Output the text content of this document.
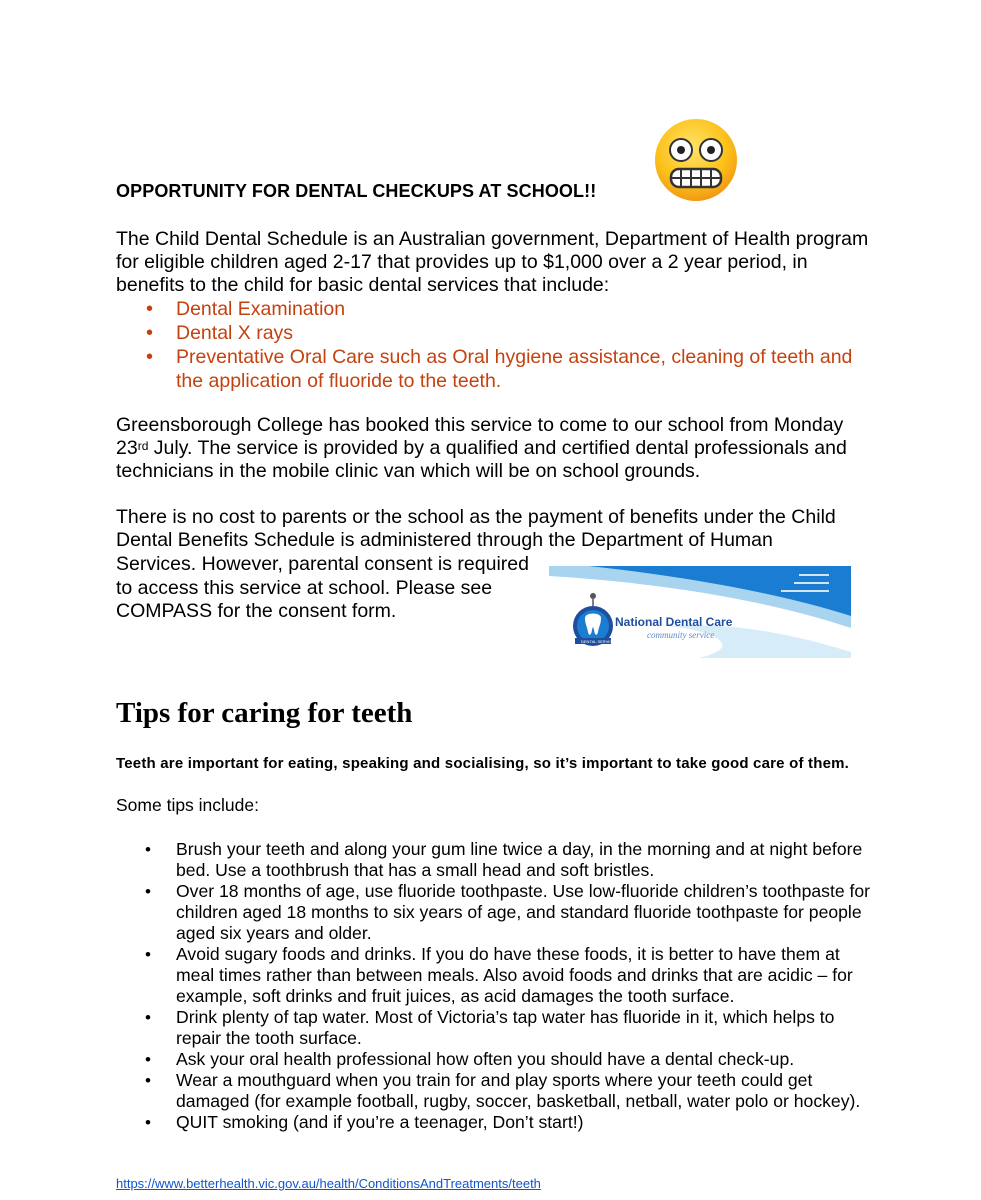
OPPORTUNITY FOR DENTAL CHECKUPS AT SCHOOL!!
The Child Dental Schedule is an Australian government, Department of Health program for eligible children aged 2-17 that provides up to $1,000 over a 2 year period, in benefits to the child for basic dental services that include:
• Dental Examination
• Dental X rays
• Preventative Oral Care such as Oral hygiene assistance, cleaning of teeth and the application of fluoride to the teeth.
Greensborough College has booked this service to come to our school from Monday 23rd July. The service is provided by a qualified and certified dental professionals and technicians in the mobile clinic van which will be on school grounds.
There is no cost to parents or the school as the payment of benefits under the Child Dental Benefits Schedule is administered through the Department of Human
Services. However, parental consent is required to access this service at school. Please see COMPASS for the consent form.	National Dental Care
community service
DENTAL SERVICE
Tips for caring for teeth
Teeth are important for eating, speaking and socialising, so it’s important to take good care of them.
Some tips include:
• Brush your teeth and along your gum line twice a day, in the morning and at night before bed. Use a toothbrush that has a small head and soft bristles.
• Over 18 months of age, use fluoride toothpaste. Use low-fluoride children’s toothpaste for children aged 18 months to six years of age, and standard fluoride toothpaste for people aged six years and older.
• Avoid sugary foods and drinks. If you do have these foods, it is better to have them at meal times rather than between meals. Also avoid foods and drinks that are acidic – for example, soft drinks and fruit juices, as acid damages the tooth surface.
• Drink plenty of tap water. Most of Victoria’s tap water has fluoride in it, which helps to repair the tooth surface.
• Ask your oral health professional how often you should have a dental check-up.
• Wear a mouthguard when you train for and play sports where your teeth could get damaged (for example football, rugby, soccer, basketball, netball, water polo or hockey).
• QUIT smoking (and if you’re a teenager, Don’t start!)
https://www.betterhealth.vic.gov.au/health/ConditionsAndTreatments/teeth
